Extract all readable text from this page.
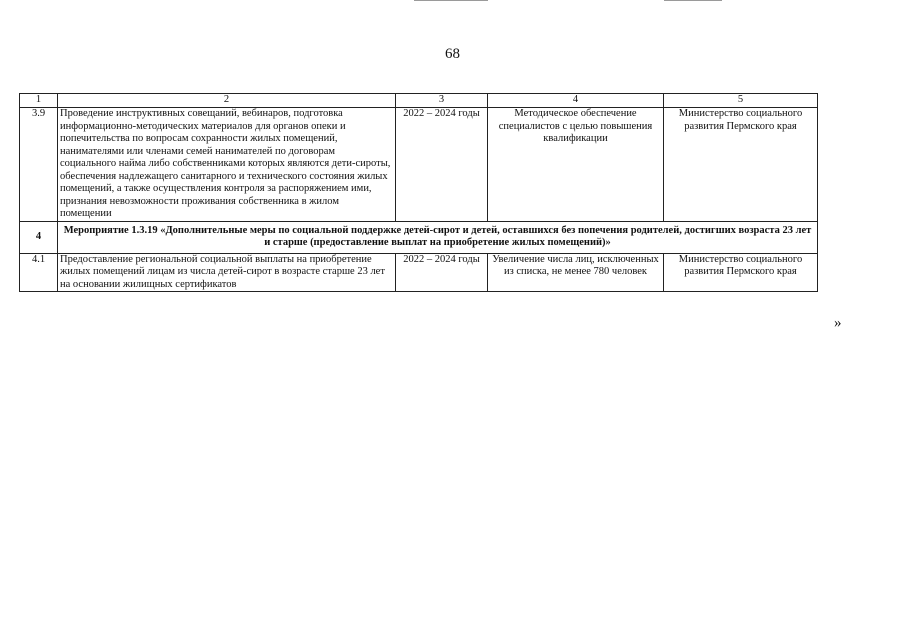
68
1	2	3	4	5
3.9	Проведение инструктивных совещаний, вебинаров, подготовка информационно-методических материалов для органов опеки и попечительства по вопросам сохранности жилых помещений, нанимателями или членами семей нанимателей по договорам социального найма либо собственниками которых являются дети-сироты, обеспечения надлежащего санитарного и технического состояния жилых помещений, а также осуществления контроля за распоряжением ими, признания невозможности проживания собственника в жилом помещении	2022 – 2024 годы	Методическое обеспечение специалистов с целью повышения квалификации	Министерство социального развития Пермского края
4	Мероприятие 1.3.19 «Дополнительные меры по социальной поддержке детей-сирот и детей, оставшихся без попечения родителей, достигших возраста 23 лет и старше (предоставление выплат на приобретение жилых помещений)»			
4.1	Предоставление региональной социальной выплаты на приобретение жилых помещений лицам из числа детей-сирот в возрасте старше 23 лет на основании жилищных сертификатов	2022 – 2024 годы	Увеличение числа лиц, исключенных из списка, не менее 780 человек	Министерство социального развития Пермского края
»
